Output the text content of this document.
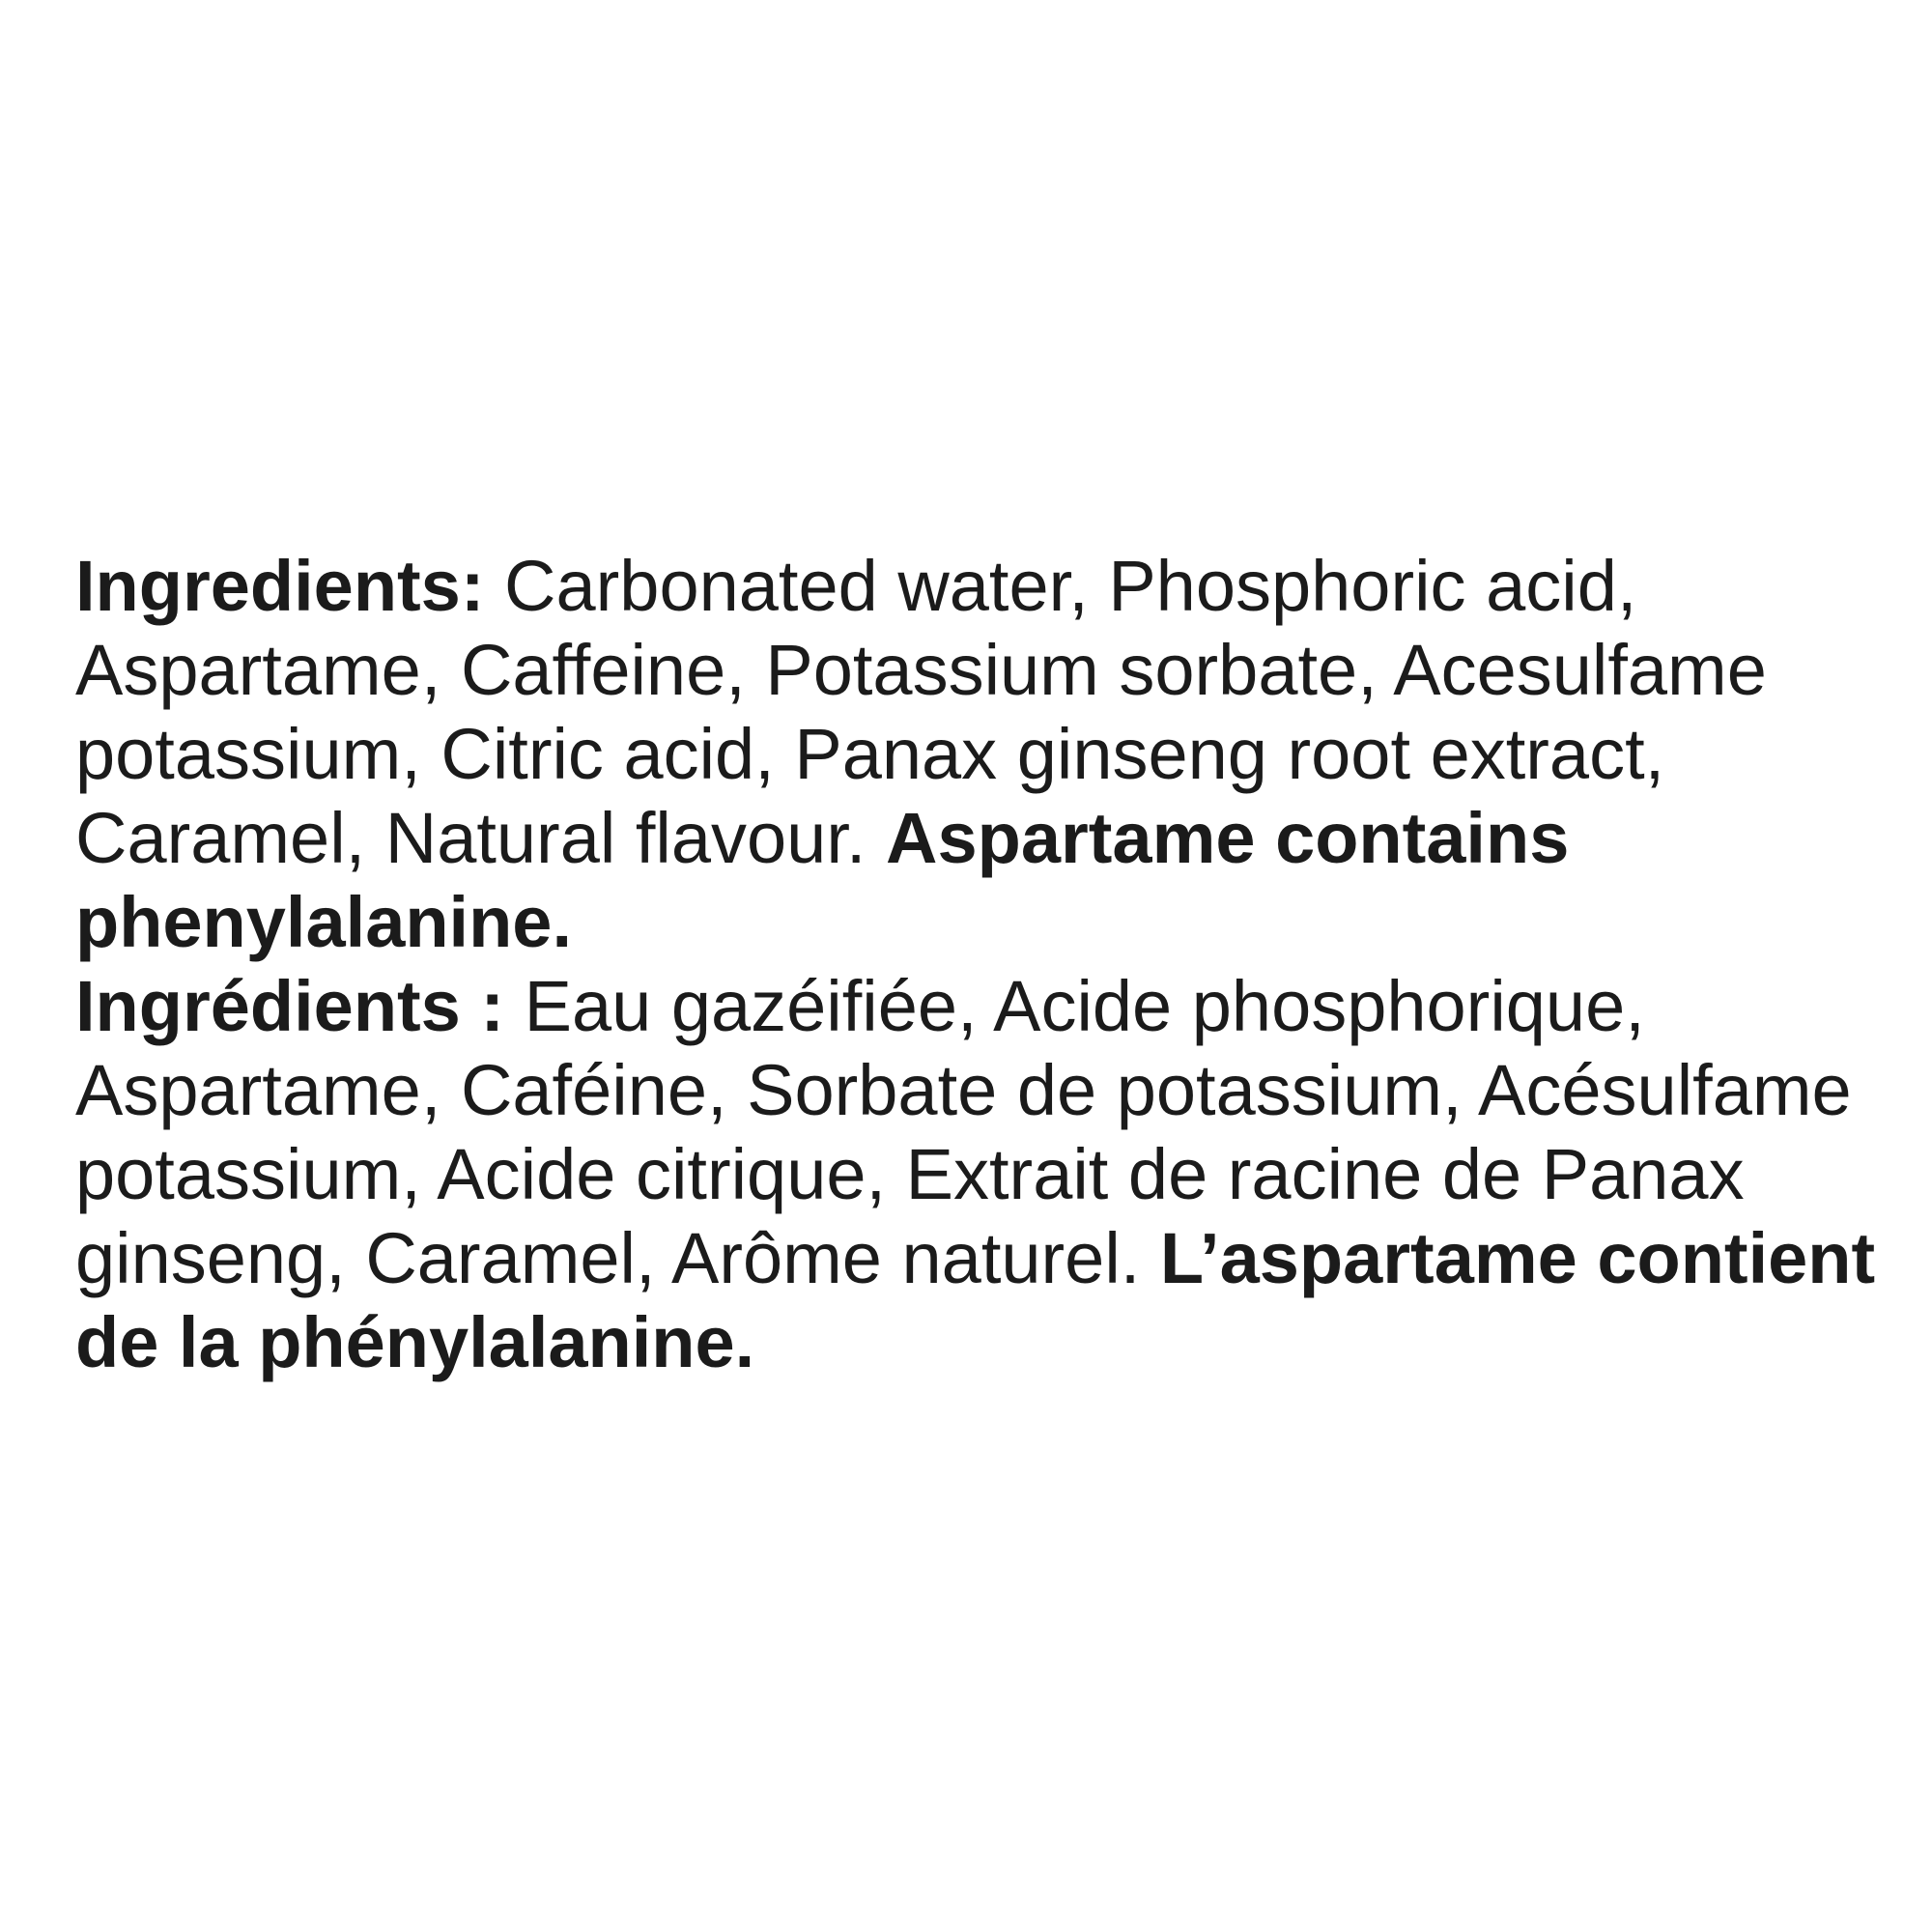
Ingredients: Carbonated water, Phosphoric acid,
Aspartame, Caffeine, Potassium sorbate, Acesulfame
potassium, Citric acid, Panax ginseng root extract,
Caramel, Natural flavour. Aspartame contains
phenylalanine.
Ingrédients : Eau gazéifiée, Acide phosphorique,
Aspartame, Caféine, Sorbate de potassium, Acésulfame
potassium, Acide citrique, Extrait de racine de Panax
ginseng, Caramel, Arôme naturel. L’aspartame contient
de la phénylalanine.
